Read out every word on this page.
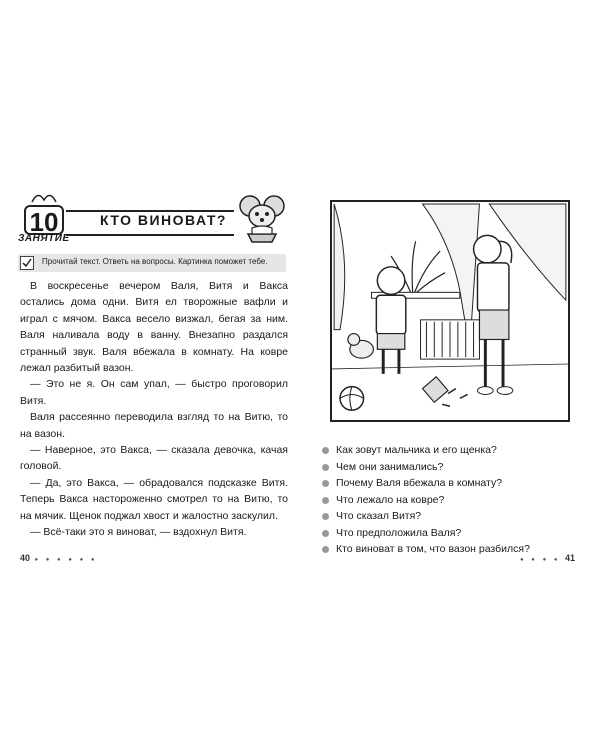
10
ЗАНЯТИЕ
КТО ВИНОВАТ?
Прочитай текст. Ответь на вопросы. Картинка поможет тебе.

В воскресенье вечером Валя, Витя и Вакса остались дома одни. Витя ел творожные вафли и играл с мячом. Вакса весело визжал, бегая за ним. Валя наливала воду в ванну. Внезапно раздался странный звук. Валя вбежала в комнату. На ковре лежал разбитый вазон.

— Это не я. Он сам упал, — быстро проговорил Витя.

Валя рассеянно переводила взгляд то на Витю, то на вазон.

— Наверное, это Вакса, — сказала девочка, качая головой.

— Да, это Вакса, — обрадовался подсказке Витя. Теперь Вакса настороженно смотрел то на Витю, то на мячик. Щенок поджал хвост и жалостно заскулил.

— Всё-таки это я виноват, — вздохнул Витя.

40 ● ● ● ● ● ●
Как зовут мальчика и его щенка?
Чем они занимались?
Почему Валя вбежала в комнату?
Что лежало на ковре?
Что сказал Витя?
Что предположила Валя?
Кто виноват в том, что вазон разбился?
● ● ● ● 41
